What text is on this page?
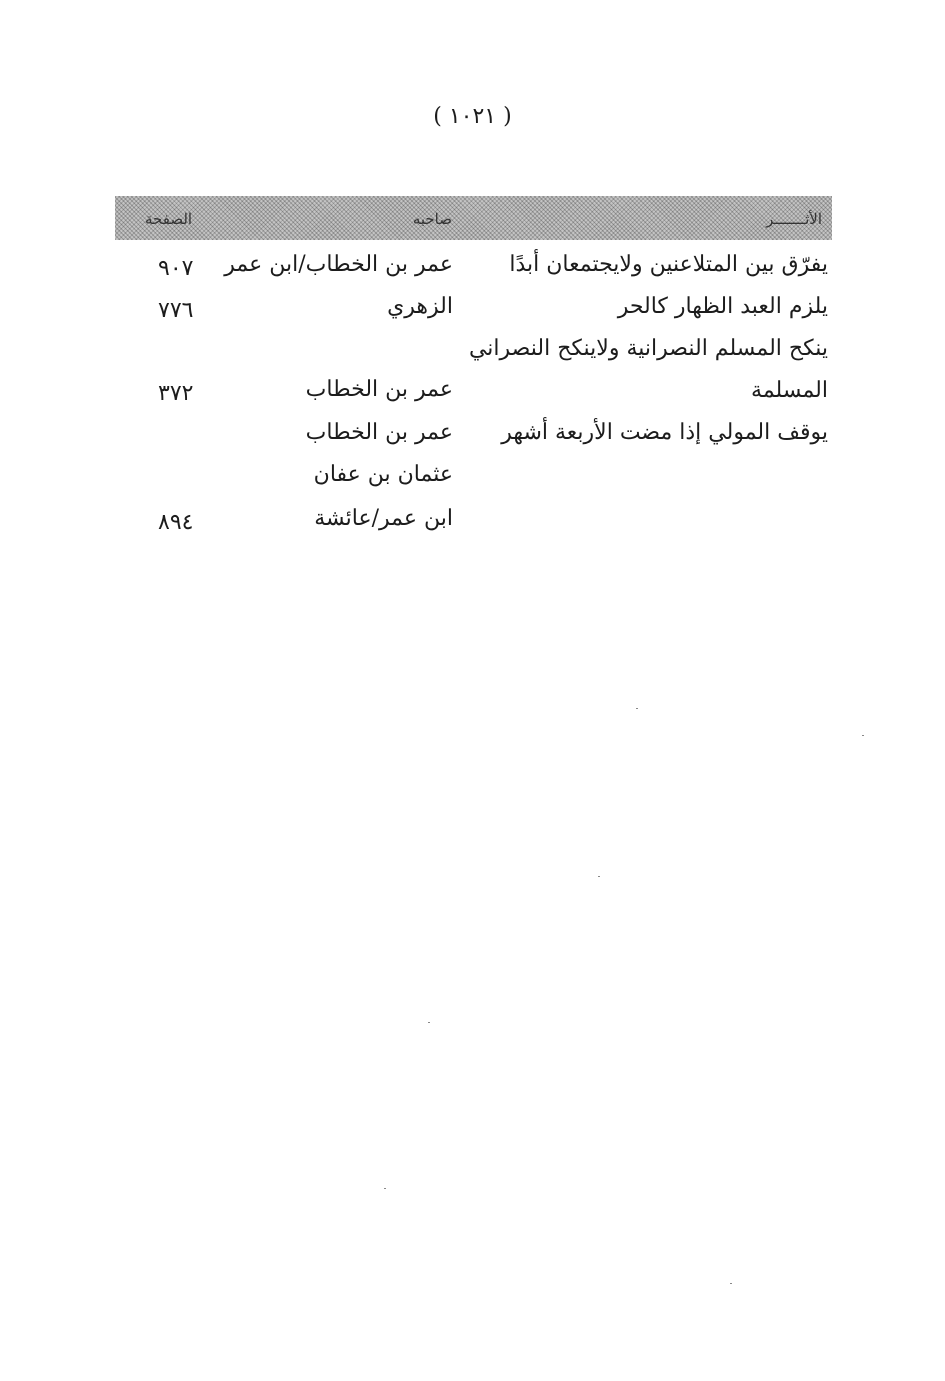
( ١٠٢١ )
الأثـــــــر
صاحبه
الصفحة
يفرّق بين المتلاعنين ولايجتمعان أبدًا
عمر بن الخطاب/ابن عمر
٩٠٧
يلزم العبد الظهار كالحر
الزهري
٧٧٦
ينكح المسلم النصرانية ولاينكح النصراني المسلمة
عمر بن الخطاب
٣٧٢
يوقف المولي إذا مضت الأربعة أشهر
عمر بن الخطاب
عثمان بن عفان
ابن عمر/عائشة
٨٩٤
